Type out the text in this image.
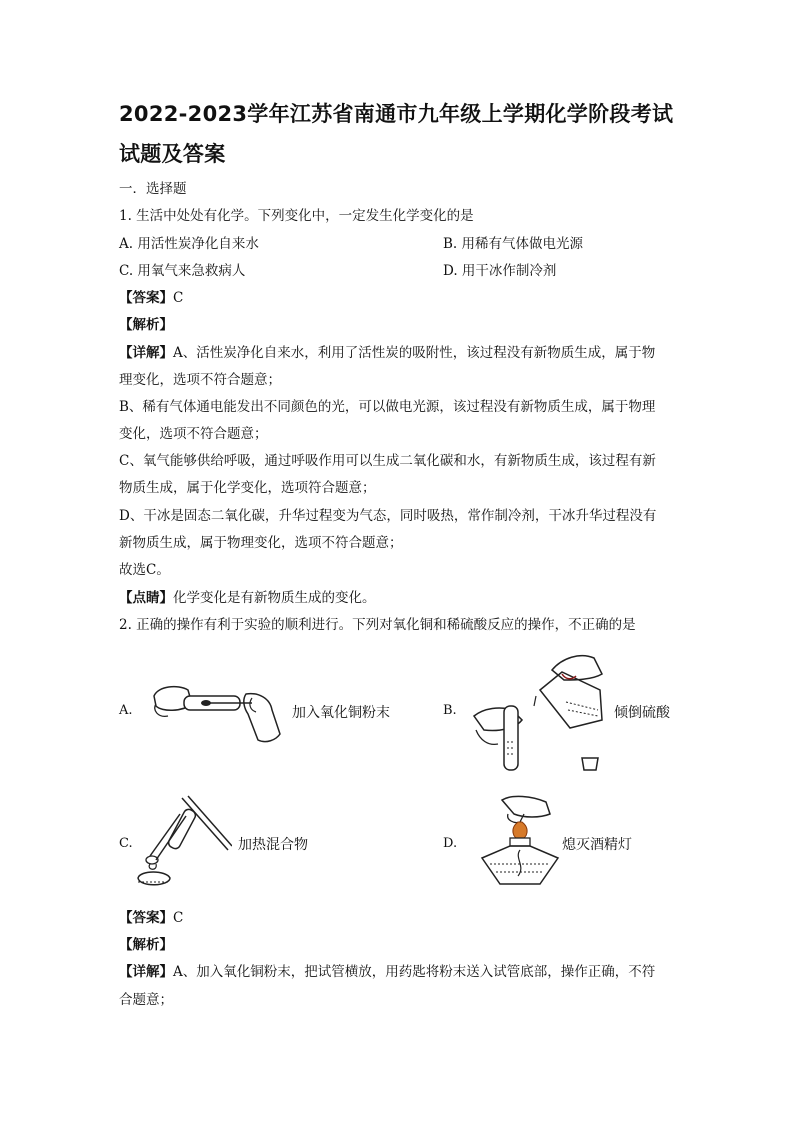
2022-2023学年江苏省南通市九年级上学期化学阶段考试试题及答案
一．选择题
1. 生活中处处有化学。下列变化中，一定发生化学变化的是
A. 用活性炭净化自来水	B. 用稀有气体做电光源
C. 用氧气来急救病人	D. 用干冰作制冷剂
【答案】C
【解析】
【详解】A、活性炭净化自来水，利用了活性炭的吸附性，该过程没有新物质生成，属于物
理变化，选项不符合题意；
B、稀有气体通电能发出不同颜色的光，可以做电光源，该过程没有新物质生成，属于物理
变化，选项不符合题意；
C、氧气能够供给呼吸，通过呼吸作用可以生成二氧化碳和水，有新物质生成，该过程有新
物质生成，属于化学变化，选项符合题意；
D、干冰是固态二氧化碳，升华过程变为气态，同时吸热，常作制冷剂，干冰升华过程没有
新物质生成，属于物理变化，选项不符合题意；
故选C。
【点睛】化学变化是有新物质生成的变化。
2. 正确的操作有利于实验的顺利进行。下列对氧化铜和稀硫酸反应的操作，不正确的是
A.	加入氧化铜粉末	B.	倾倒硫酸
C.	加热混合物	D.	熄灭酒精灯
【答案】C
【解析】
【详解】A、加入氧化铜粉末，把试管横放，用药匙将粉末送入试管底部，操作正确，不符
合题意；
